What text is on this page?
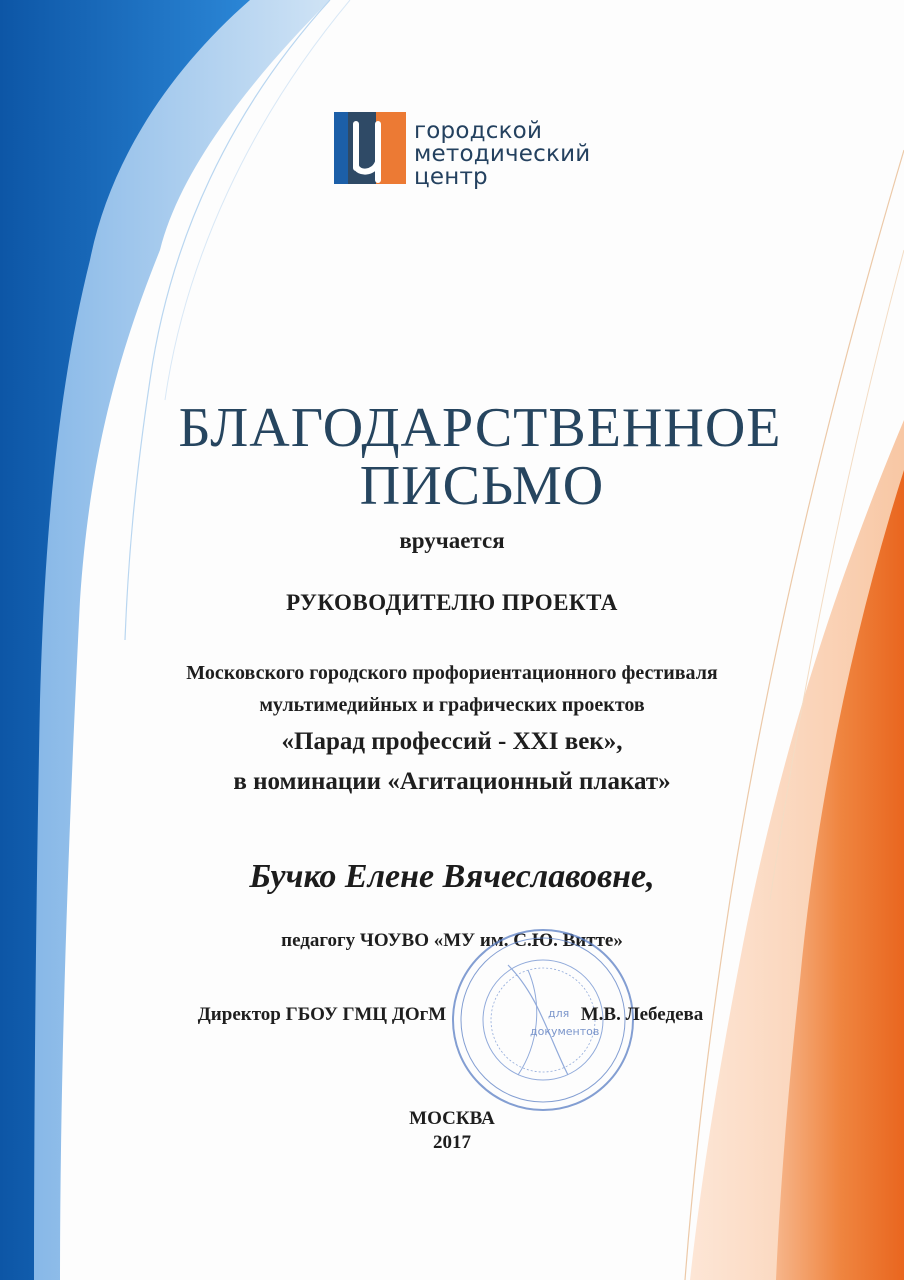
городской
методический
центр
БЛАГОДАРСТВЕННОЕ
ПИСЬМО
вручается
РУКОВОДИТЕЛЮ ПРОЕКТА
Московского городского профориентационного фестиваля
мультимедийных и графических проектов
«Парад профессий - XXI век»,
в номинации «Агитационный плакат»
Бучко Елене Вячеславовне,
педагогу ЧОУВО «МУ им. С.Ю. Витте»
для
документов
Директор ГБОУ ГМЦ ДОгМ	М.В. Лебедева
МОСКВА
2017
